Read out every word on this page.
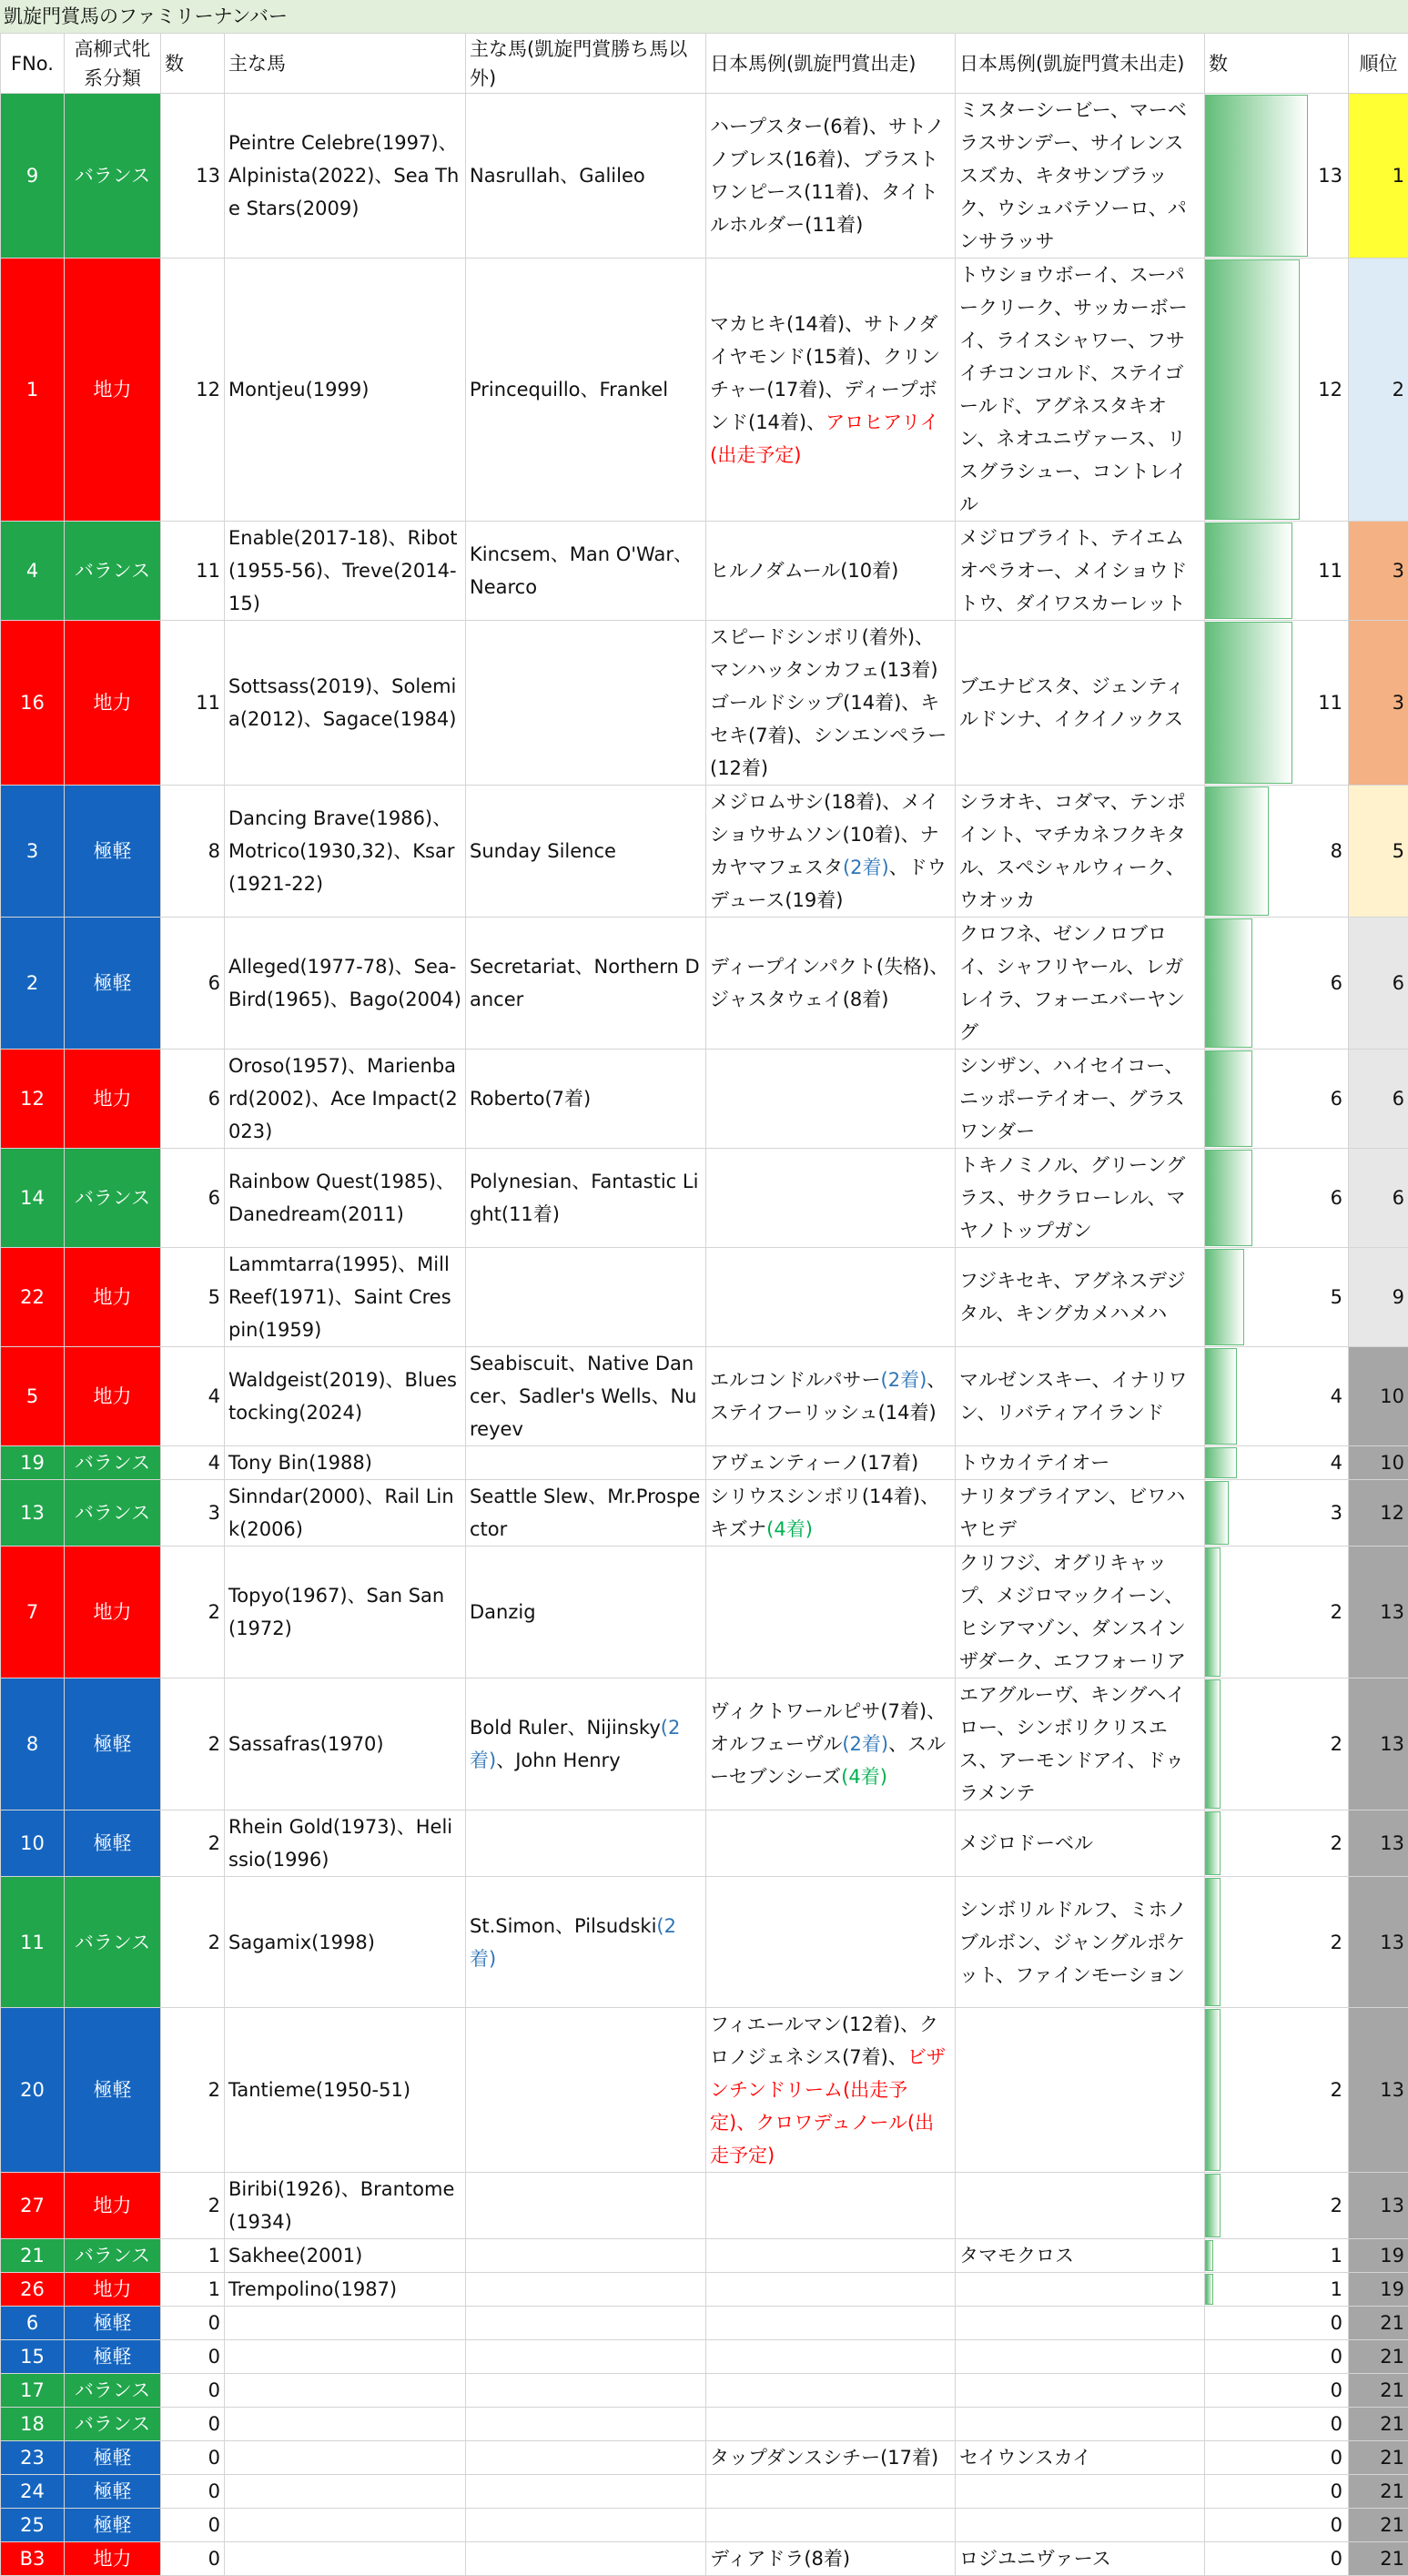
凱旋門賞馬のファミリーナンバー
FNo.	高柳式牝系分類	数	主な馬	主な馬(凱旋門賞勝ち馬以外)	日本馬例(凱旋門賞出走)	日本馬例(凱旋門賞未出走)	数	順位
9	バランス	13	Peintre Celebre(1997)、Alpinista(2022)、Sea The Stars(2009)	Nasrullah、Galileo	ハープスター(6着)、サトノノブレス(16着)、ブラストワンピース(11着)、タイトルホルダー(11着)	ミスターシービー、マーベラスサンデー、サイレンススズカ、キタサンブラック、ウシュバテソーロ、パンサラッサ	13	1
1	地力	12	Montjeu(1999)	Princequillo、Frankel	マカヒキ(14着)、サトノダイヤモンド(15着)、クリンチャー(17着)、ディープボンド(14着)、アロヒアリイ(出走予定)	トウショウボーイ、スーパークリーク、サッカーボーイ、ライスシャワー、フサイチコンコルド、ステイゴールド、アグネスタキオン、ネオユニヴァース、リスグラシュー、コントレイル	12	2
4	バランス	11	Enable(2017-18)、Ribot(1955-56)、Treve(2014-15)	Kincsem、Man O'War、Nearco	ヒルノダムール(10着)	メジロブライト、テイエムオペラオー、メイショウドトウ、ダイワスカーレット	11	3
16	地力	11	Sottsass(2019)、Solemia(2012)、Sagace(1984)		スピードシンボリ(着外)、マンハッタンカフェ(13着)ゴールドシップ(14着)、キセキ(7着)、シンエンペラー(12着)	ブエナビスタ、ジェンティルドンナ、イクイノックス	11	3
3	極軽	8	Dancing Brave(1986)、Motrico(1930,32)、Ksar(1921-22)	Sunday Silence	メジロムサシ(18着)、メイショウサムソン(10着)、ナカヤマフェスタ(2着)、ドウデュース(19着)	シラオキ、コダマ、テンポイント、マチカネフクキタル、スペシャルウィーク、ウオッカ	8	5
2	極軽	6	Alleged(1977-78)、Sea-Bird(1965)、Bago(2004)	Secretariat、Northern Dancer	ディープインパクト(失格)、ジャスタウェイ(8着)	クロフネ、ゼンノロブロイ、シャフリヤール、レガレイラ、フォーエバーヤング	6	6
12	地力	6	Oroso(1957)、Marienbard(2002)、Ace Impact(2023)	Roberto(7着)		シンザン、ハイセイコー、ニッポーテイオー、グラスワンダー	6	6
14	バランス	6	Rainbow Quest(1985)、Danedream(2011)	Polynesian、Fantastic Light(11着)		トキノミノル、グリーングラス、サクラローレル、マヤノトップガン	6	6
22	地力	5	Lammtarra(1995)、Mill Reef(1971)、Saint Crespin(1959)			フジキセキ、アグネスデジタル、キングカメハメハ	5	9
5	地力	4	Waldgeist(2019)、Bluestocking(2024)	Seabiscuit、Native Dancer、Sadler's Wells、Nureyev	エルコンドルパサー(2着)、ステイフーリッシュ(14着)	マルゼンスキー、イナリワン、リバティアイランド	4	10
19	バランス	4	Tony Bin(1988)		アヴェンティーノ(17着)	トウカイテイオー	4	10
13	バランス	3	Sinndar(2000)、Rail Link(2006)	Seattle Slew、Mr.Prospector	シリウスシンボリ(14着)、キズナ(4着)	ナリタブライアン、ビワハヤヒデ	3	12
7	地力	2	Topyo(1967)、San San(1972)	Danzig		クリフジ、オグリキャップ、メジロマックイーン、ヒシアマゾン、ダンスインザダーク、エフフォーリア	2	13
8	極軽	2	Sassafras(1970)	Bold Ruler、Nijinsky(2着)、John Henry	ヴィクトワールピサ(7着)、オルフェーヴル(2着)、スルーセブンシーズ(4着)	エアグルーヴ、キングヘイロー、シンボリクリスエス、アーモンドアイ、ドゥラメンテ	2	13
10	極軽	2	Rhein Gold(1973)、Helissio(1996)			メジロドーベル	2	13
11	バランス	2	Sagamix(1998)	St.Simon、Pilsudski(2着)		シンボリルドルフ、ミホノブルボン、ジャングルポケット、ファインモーション	2	13
20	極軽	2	Tantieme(1950-51)		フィエールマン(12着)、クロノジェネシス(7着)、ビザンチンドリーム(出走予定)、クロワデュノール(出走予定)		2	13
27	地力	2	Biribi(1926)、Brantome(1934)				2	13
21	バランス	1	Sakhee(2001)			タマモクロス	1	19
26	地力	1	Trempolino(1987)				1	19
6	極軽	0					0	21
15	極軽	0					0	21
17	バランス	0					0	21
18	バランス	0					0	21
23	極軽	0			タップダンスシチー(17着)	セイウンスカイ	0	21
24	極軽	0					0	21
25	極軽	0					0	21
B3	地力	0			ディアドラ(8着)	ロジユニヴァース	0	21
